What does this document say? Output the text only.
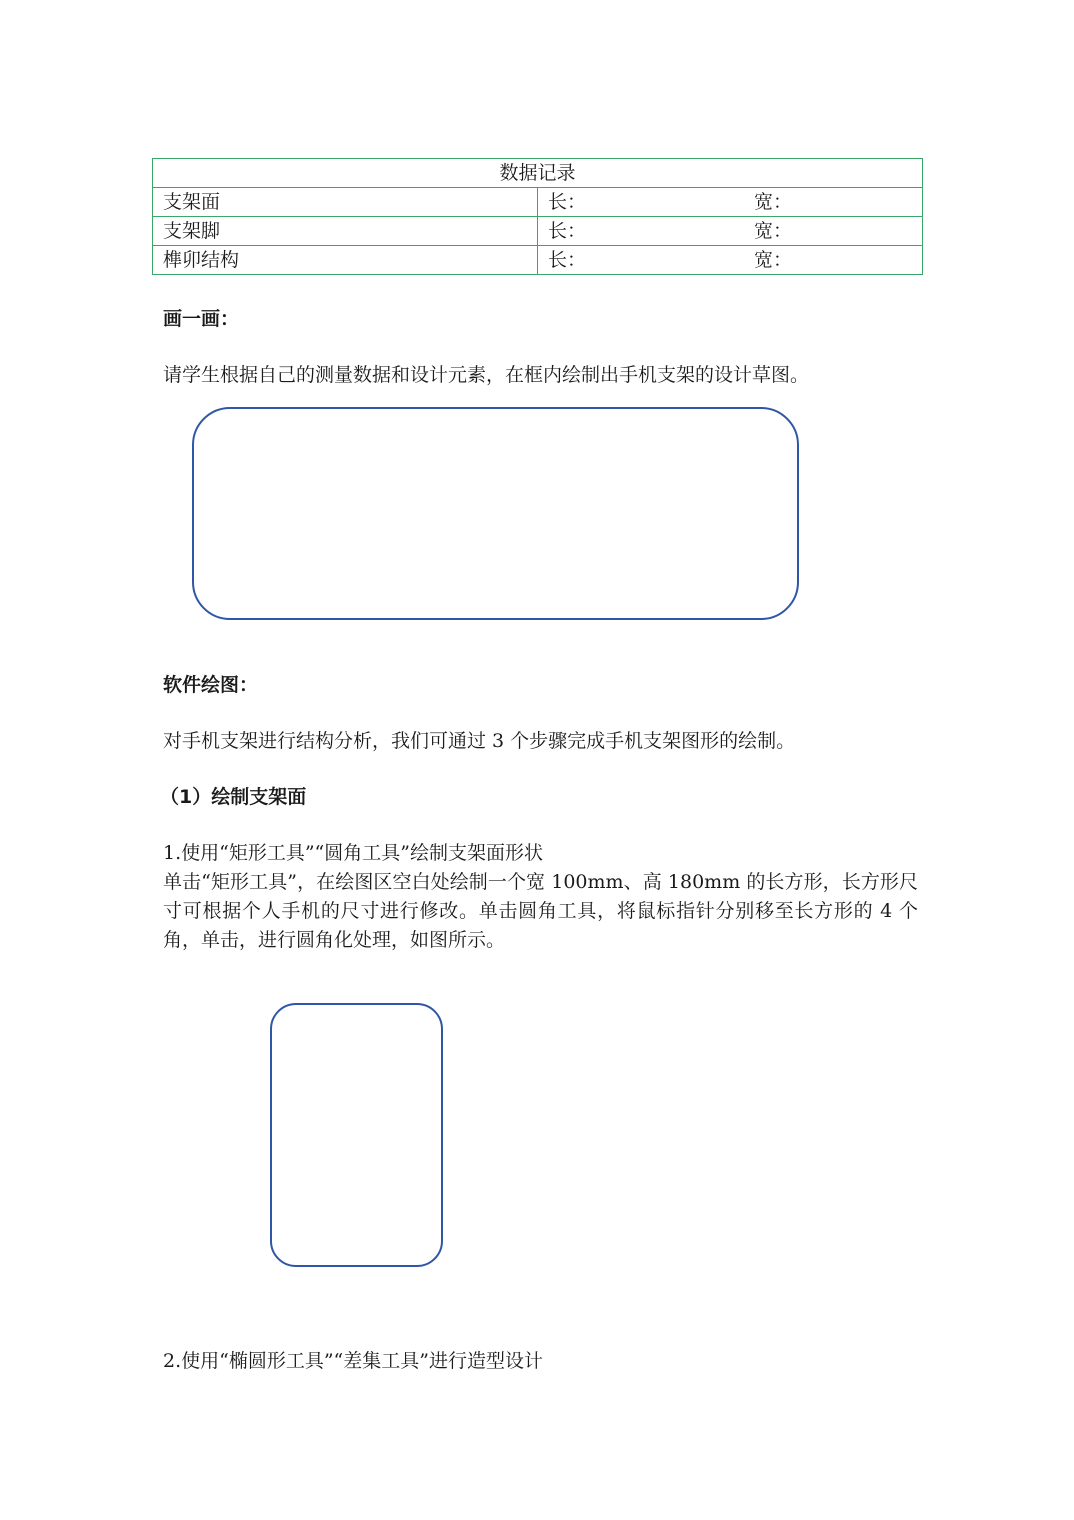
数据记录	
支架面	长： 宽：

支架脚	长： 宽：

榫卯结构	长： 宽：
画一画：
请学生根据自己的测量数据和设计元素，在框内绘制出手机支架的设计草图。
软件绘图：
对手机支架进行结构分析，我们可通过 3 个步骤完成手机支架图形的绘制。
（1）绘制支架面
1.使用“矩形工具”“圆角工具”绘制支架面形状
单击“矩形工具”，在绘图区空白处绘制一个宽 100mm、高 180mm 的长方形，长方形尺寸可根据个人手机的尺寸进行修改。单击圆角工具，将鼠标指针分别移至长方形的 4 个角，单击，进行圆角化处理，如图所示。
2.使用“椭圆形工具”“差集工具”进行造型设计
